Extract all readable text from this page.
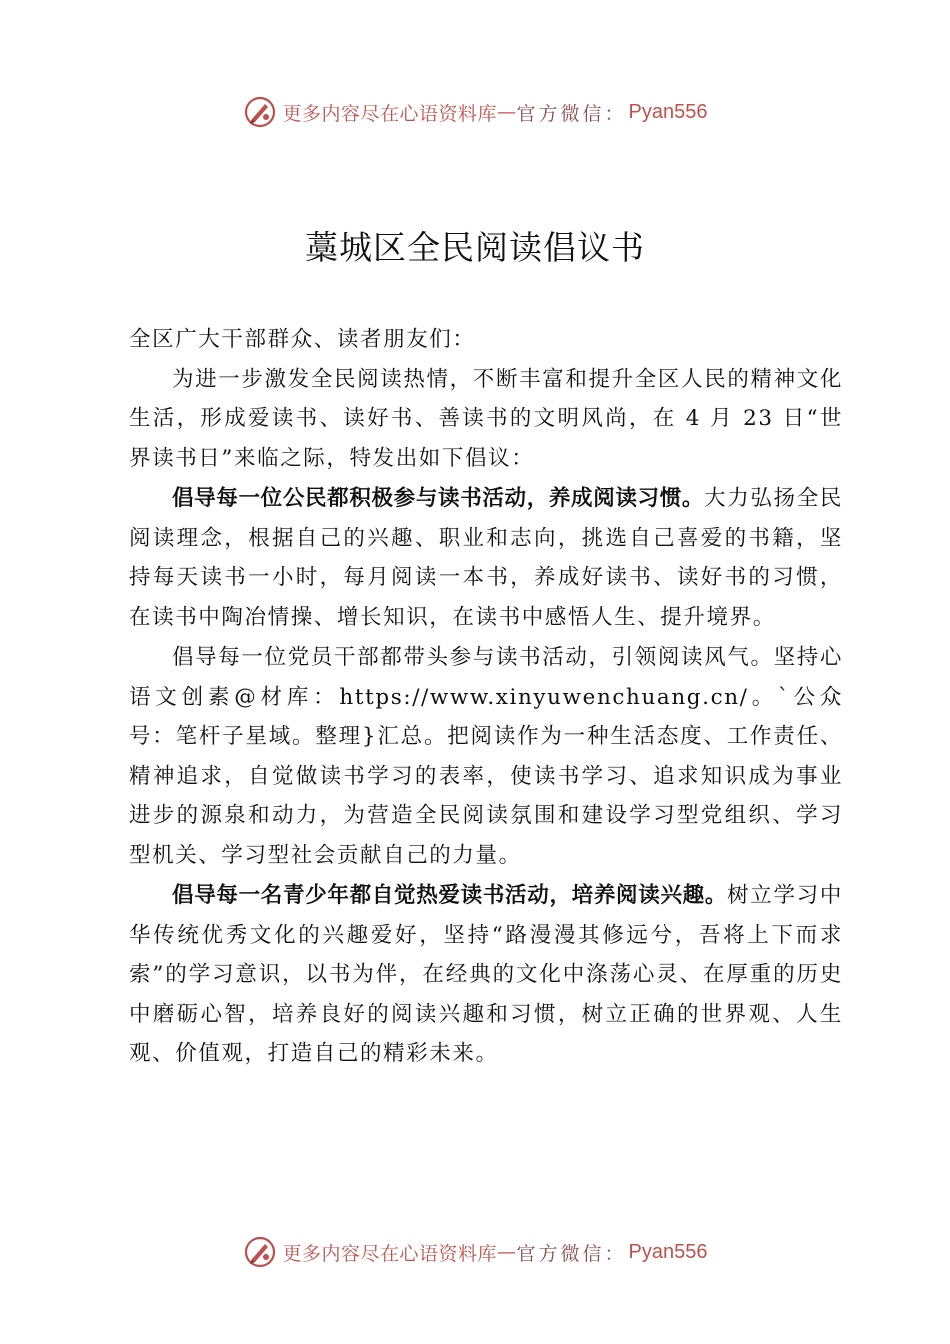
更多内容尽在心语资料库 — 官方微信： Pyan556
藁城区全民阅读倡议书

全区广大干部群众、读者朋友们：

为进一步激发全民阅读热情，不断丰富和提升全区人民的精神文化生活，形成爱读书、读好书、善读书的文明风尚，在 4 月 23 日“世界读书日”来临之际，特发出如下倡议：

倡导每一位公民都积极参与读书活动，养成阅读习惯。大力弘扬全民阅读理念，根据自己的兴趣、职业和志向，挑选自己喜爱的书籍，坚持每天读书一小时，每月阅读一本书，养成好读书、读好书的习惯，在读书中陶冶情操、增长知识，在读书中感悟人生、提升境界。

倡导每一位党员干部都带头参与读书活动，引领阅读风气。坚持心语文创素@材库：https://www.xinyuwenchuang.cn/。`公众号：笔杆子星域。整理}汇总。把阅读作为一种生活态度、工作责任、精神追求，自觉做读书学习的表率，使读书学习、追求知识成为事业进步的源泉和动力，为营造全民阅读氛围和建设学习型党组织、学习型机关、学习型社会贡献自己的力量。

倡导每一名青少年都自觉热爱读书活动，培养阅读兴趣。树立学习中华传统优秀文化的兴趣爱好，坚持“路漫漫其修远兮，吾将上下而求索”的学习意识，以书为伴，在经典的文化中涤荡心灵、在厚重的历史中磨砺心智，培养良好的阅读兴趣和习惯，树立正确的世界观、人生观、价值观，打造自己的精彩未来。

更多内容尽在心语资料库 — 官方微信： Pyan556
